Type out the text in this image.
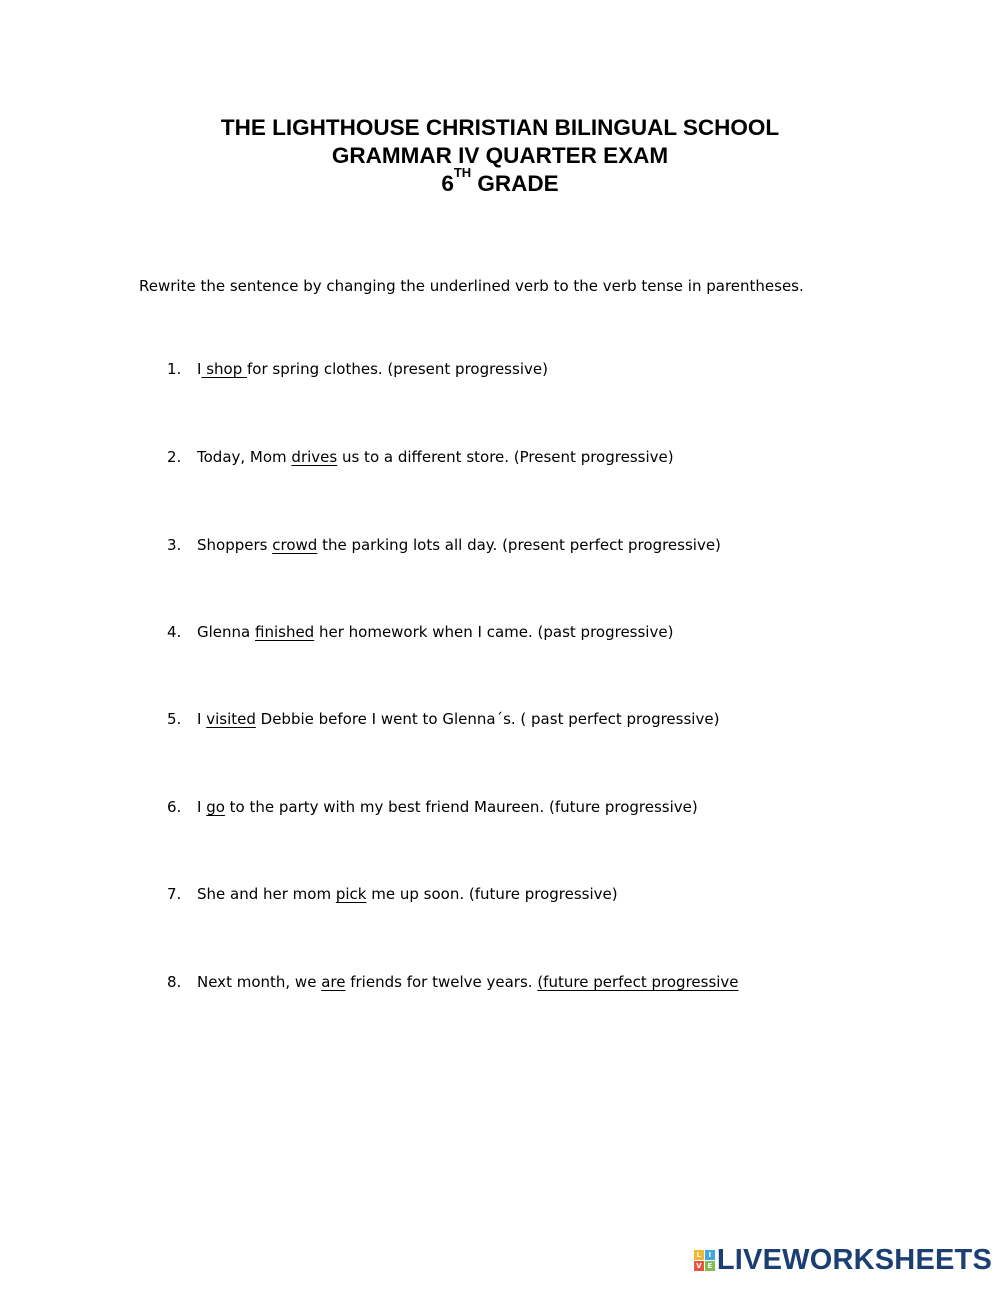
THE LIGHTHOUSE CHRISTIAN BILINGUAL SCHOOL
GRAMMAR IV QUARTER EXAM
6TH GRADE
Rewrite the sentence by changing the underlined verb to the verb tense in parentheses.
1. I shop for spring clothes. (present progressive)
2. Today, Mom drives us to a different store. (Present progressive)
3. Shoppers crowd the parking lots all day. (present perfect progressive)
4. Glenna finished her homework when I came. (past progressive)
5. I visited Debbie before I went to Glenna´s. ( past perfect progressive)
6. I go to the party with my best friend Maureen. (future progressive)
7. She and her mom pick me up soon. (future progressive)
8. Next month, we are friends for twelve years. (future perfect progressive
L	I
V E LIVEWORKSHEETS
